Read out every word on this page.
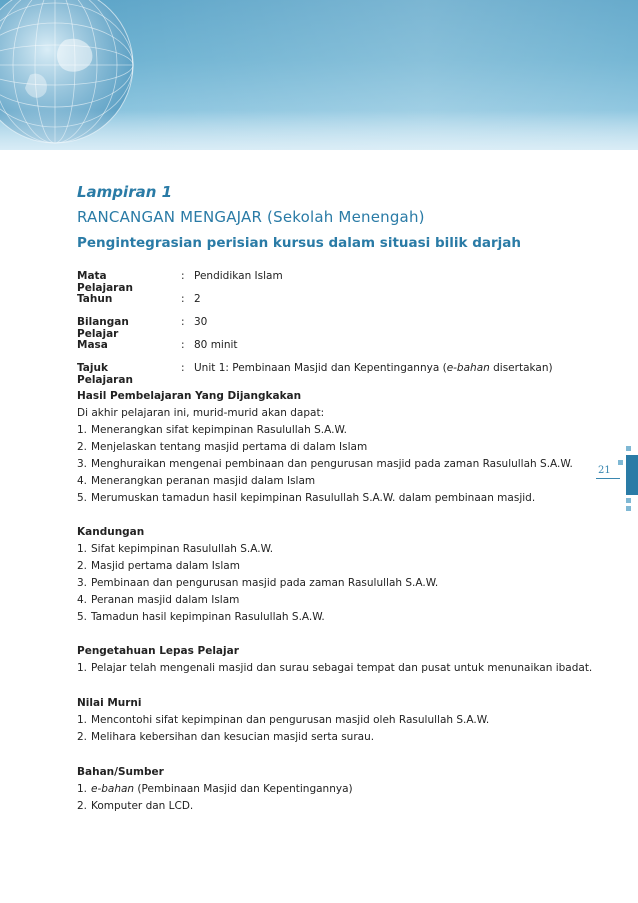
Lampiran 1
RANCANGAN MENGAJAR (Sekolah Menengah)
Pengintegrasian perisian kursus dalam situasi bilik darjah
Mata Pelajaran
: Pendidikan Islam
Tahun	: 2
Bilangan Pelajar
: 30
Masa	: 80 minit
Tajuk Pelajaran
: Unit 1: Pembinaan Masjid dan Kepentingannya (e-bahan disertakan)
Hasil Pembelajaran Yang Dijangkakan
Di akhir pelajaran ini, murid-murid akan dapat:
1. Menerangkan sifat kepimpinan Rasulullah S.A.W.
2. Menjelaskan tentang masjid pertama di dalam Islam
3. Menghuraikan mengenai pembinaan dan pengurusan masjid pada zaman Rasulullah S.A.W.
4. Menerangkan peranan masjid dalam Islam
5. Merumuskan tamadun hasil kepimpinan Rasulullah S.A.W. dalam pembinaan masjid.
Kandungan
1. Sifat kepimpinan Rasulullah S.A.W.
2. Masjid pertama dalam Islam
3. Pembinaan dan pengurusan masjid pada zaman Rasulullah S.A.W.
4. Peranan masjid dalam Islam
5. Tamadun hasil kepimpinan Rasulullah S.A.W.
Pengetahuan Lepas Pelajar
1. Pelajar telah mengenali masjid dan surau sebagai tempat dan pusat untuk menunaikan ibadat.
Nilai Murni
1. Mencontohi sifat kepimpinan dan pengurusan masjid oleh Rasulullah S.A.W.
2. Melihara kebersihan dan kesucian masjid serta surau.
Bahan/Sumber
1. e-bahan (Pembinaan Masjid dan Kepentingannya)
2. Komputer dan LCD.
21
